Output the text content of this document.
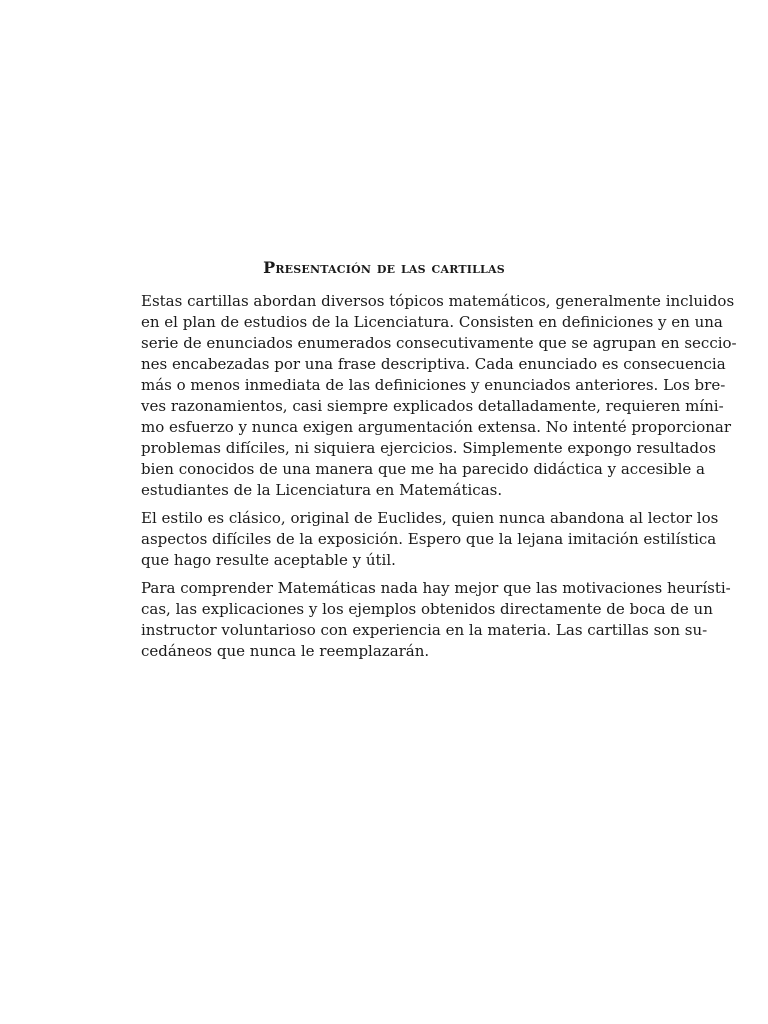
Presentación de las cartillas

Estas cartillas abordan diversos tópicos matemáticos, generalmente incluidos

en el plan de estudios de la Licenciatura. Consisten en definiciones y en una

serie de enunciados enumerados consecutivamente que se agrupan en seccio-

nes encabezadas por una frase descriptiva. Cada enunciado es consecuencia

más o menos inmediata de las definiciones y enunciados anteriores. Los bre-

ves razonamientos, casi siempre explicados detalladamente, requieren míni-

mo esfuerzo y nunca exigen argumentación extensa. No intenté proporcionar

problemas difíciles, ni siquiera ejercicios. Simplemente expongo resultados

bien conocidos de una manera que me ha parecido didáctica y accesible a

estudiantes de la Licenciatura en Matemáticas.

El estilo es clásico, original de Euclides, quien nunca abandona al lector los

aspectos difíciles de la exposición. Espero que la lejana imitación estilística

que hago resulte aceptable y útil.

Para comprender Matemáticas nada hay mejor que las motivaciones heurísti-

cas, las explicaciones y los ejemplos obtenidos directamente de boca de un

instructor voluntarioso con experiencia en la materia. Las cartillas son su-

cedáneos que nunca le reemplazarán.
